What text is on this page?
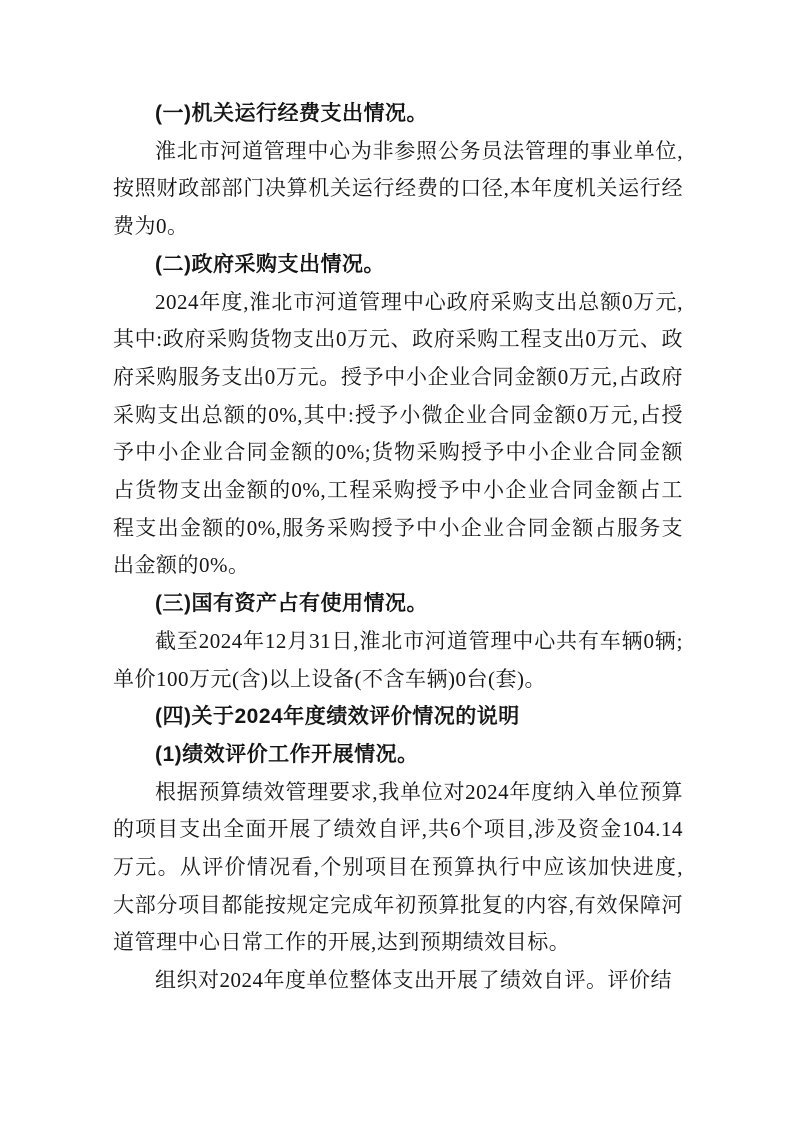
(一)机关运行经费支出情况。

淮北市河道管理中心为非参照公务员法管理的事业单位,按照财政部部门决算机关运行经费的口径,本年度机关运行经费为0。

(二)政府采购支出情况。

2024年度,淮北市河道管理中心政府采购支出总额0万元,其中:政府采购货物支出0万元、政府采购工程支出0万元、政府采购服务支出0万元。授予中小企业合同金额0万元,占政府采购支出总额的0%,其中:授予小微企业合同金额0万元,占授予中小企业合同金额的0%;货物采购授予中小企业合同金额占货物支出金额的0%,工程采购授予中小企业合同金额占工程支出金额的0%,服务采购授予中小企业合同金额占服务支出金额的0%。

(三)国有资产占有使用情况。

截至2024年12月31日,淮北市河道管理中心共有车辆0辆;单价100万元(含)以上设备(不含车辆)0台(套)。

(四)关于2024年度绩效评价情况的说明

(1)绩效评价工作开展情况。

根据预算绩效管理要求,我单位对2024年度纳入单位预算的项目支出全面开展了绩效自评,共6个项目,涉及资金104.14万元。从评价情况看,个别项目在预算执行中应该加快进度,大部分项目都能按规定完成年初预算批复的内容,有效保障河道管理中心日常工作的开展,达到预期绩效目标。

组织对2024年度单位整体支出开展了绩效自评。评价结
